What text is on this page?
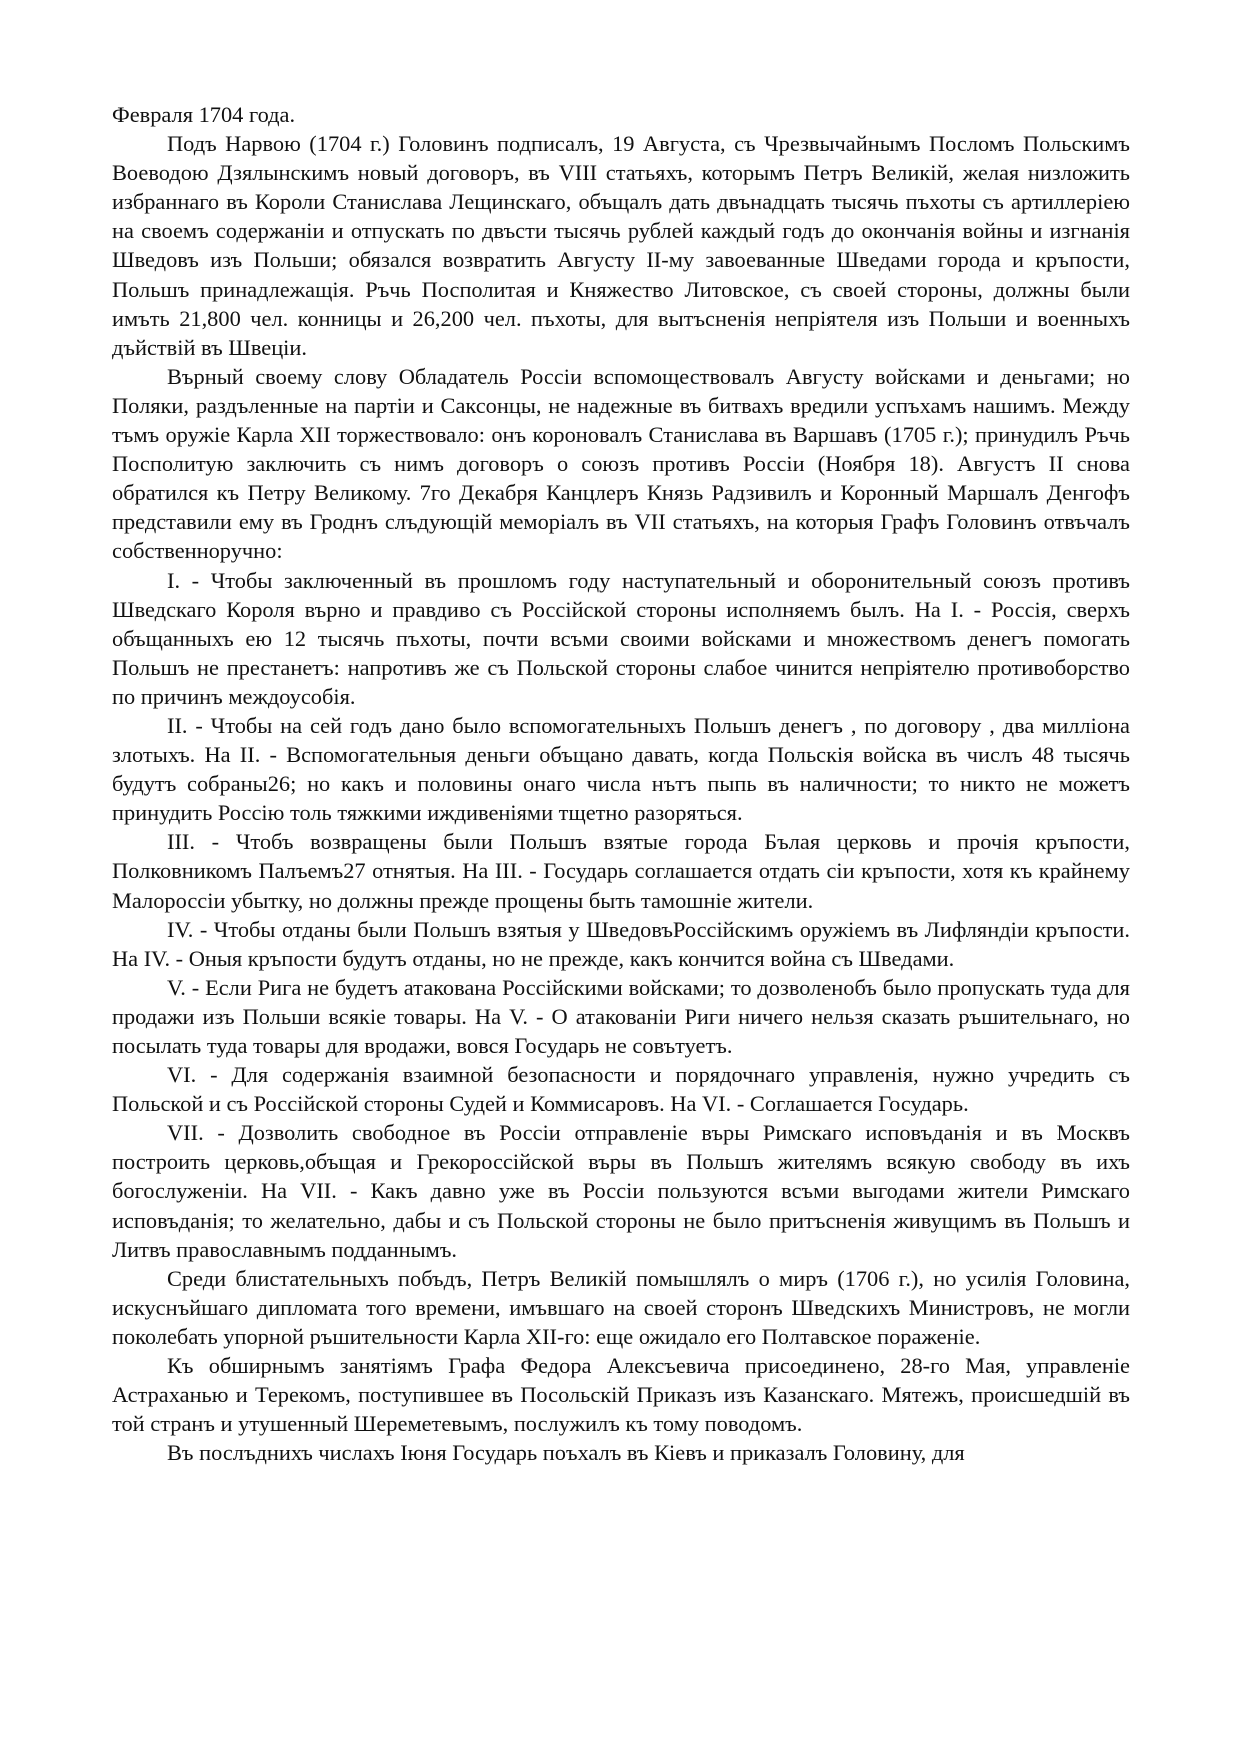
Февраля 1704 года.

Подъ Нарвою (1704 г.) Головинъ подписалъ, 19 Августа, съ Чрезвычайнымъ Посломъ Польскимъ Воеводою Дзялынскимъ новый договоръ, въ VIII статьяхъ, которымъ Петръ Великій, желая низложить избраннаго въ Короли Станислава Лещинскаго, объщалъ дать двънадцать тысячь пъхоты съ артиллеріею на своемъ содержаніи и отпускать по двъсти тысячь рублей каждый годъ до окончанія войны и изгнанія Шведовъ изъ Польши; обязался возвратить Августу II-му завоеванные Шведами города и кръпости, Польшъ принадлежащія. Ръчь Посполитая и Княжество Литовское, съ своей стороны, должны были имъть 21,800 чел. конницы и 26,200 чел. пъхоты, для вытъсненія непріятеля изъ Польши и военныхъ дъйствій въ Швеціи.

Върный своему слову Обладатель Россіи вспомоществовалъ Августу войсками и деньгами; но Поляки, раздъленные на партіи и Саксонцы, не надежные въ битвахъ вредили успъхамъ нашимъ. Между тъмъ оружіе Карла XII торжествовало: онъ короновалъ Станислава въ Варшавъ (1705 г.); принудилъ Ръчь Посполитую заключить съ нимъ договоръ о союзъ противъ Россіи (Ноября 18). Августъ II снова обратился къ Петру Великому. 7го Декабря Канцлеръ Князь Радзивилъ и Коронный Маршалъ Денгофъ представили ему въ Гроднъ слъдующій меморіалъ въ VII статьяхъ, на которыя Графъ Головинъ отвъчалъ собственноручно:

I. - Чтобы заключенный въ прошломъ году наступательный и оборонительный союзъ противъ Шведскаго Короля върно и правдиво съ Россійской стороны исполняемъ былъ. На I. - Россія, сверхъ объщанныхъ ею 12 тысячь пъхоты, почти всъми своими войсками и множествомъ денегъ помогать Польшъ не престанетъ: напротивъ же съ Польской стороны слабое чинится непріятелю противоборство по причинъ междоусобія.

II. - Чтобы на сей годъ дано было вспомогательныхъ Польшъ денегъ , по договору , два милліона злотыхъ. На II. - Вспомогательныя деньги объщано давать, когда Польскія войска въ числъ 48 тысячь будутъ собраны26; но какъ и половины онаго числа нътъ пыпь въ наличности; то никто не можетъ принудить Россію толь тяжкими иждивеніями тщетно разоряться.

III. - Чтобъ возвращены были Польшъ взятые города Бълая церковь и прочія кръпости, Полковникомъ Палъемъ27 отнятыя. На III. - Государь соглашается отдать сіи кръпости, хотя къ крайнему Малороссіи убытку, но должны прежде прощены быть тамошніе жители.

IV. - Чтобы отданы были Польшъ взятыя у ШведовъРоссійскимъ оружіемъ въ Лифляндіи кръпости. На IV. - Оныя кръпости будутъ отданы, но не прежде, какъ кончится война съ Шведами.

V. - Если Рига не будетъ атакована Россійскими войсками; то дозволенобъ было пропускать туда для продажи изъ Польши всякіе товары. На V. - О атакованіи Риги ничего нельзя сказать ръшительнаго, но посылать туда товары для вродажи, вовся Государь не совътуетъ.

VI. - Для содержанія взаимной безопасности и порядочнаго управленія, нужно учредить съ Польской и съ Россійской стороны Судей и Коммисаровъ. На VI. - Соглашается Государь.

VII. - Дозволить свободное въ Россіи отправленіе въры Римскаго исповъданія и въ Москвъ построить церковь,объщая и Грекороссійской въры въ Польшъ жителямъ всякую свободу въ ихъ богослуженіи. На VII. - Какъ давно уже въ Россіи пользуются всъми выгодами жители Римскаго исповъданія; то желательно, дабы и съ Польской стороны не было притъсненія живущимъ въ Польшъ и Литвъ православнымъ подданнымъ.

Среди блистательныхъ побъдъ, Петръ Великій помышлялъ о миръ (1706 г.), но усилія Головина, искуснъйшаго дипломата того времени, имъвшаго на своей сторонъ Шведскихъ Министровъ, не могли поколебать упорной ръшительности Карла XII-го: еще ожидало его Полтавское пораженіе.

Къ обширнымъ занятіямъ Графа Федора Алексъевича присоединено, 28-го Мая, управленіе Астраханью и Терекомъ, поступившее въ Посольскій Приказъ изъ Казанскаго. Мятежъ, происшедшій въ той странъ и утушенный Шереметевымъ, послужилъ къ тому поводомъ.

Въ послъднихъ числахъ Іюня Государь поъхалъ въ Кіевъ и приказалъ Головину, для
